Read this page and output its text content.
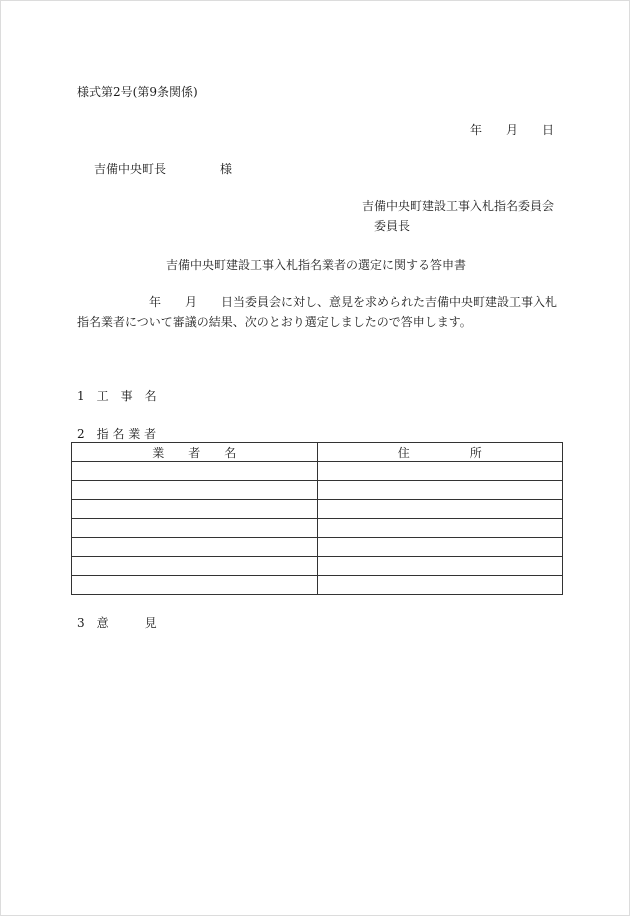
様式第2号(第9条関係)
年　　月　　日
吉備中央町長	様
吉備中央町建設工事入札指名委員会
委員長
吉備中央町建設工事入札指名業者の選定に関する答申書
年　　月　　日当委員会に対し、意見を求められた吉備中央町建設工事入札
指名業者について審議の結果、次のとおり選定しましたので答申します。
1　工　事　名
2　指 名 業 者
業　　者　　名	住　　　　　所

3　意　　　見
